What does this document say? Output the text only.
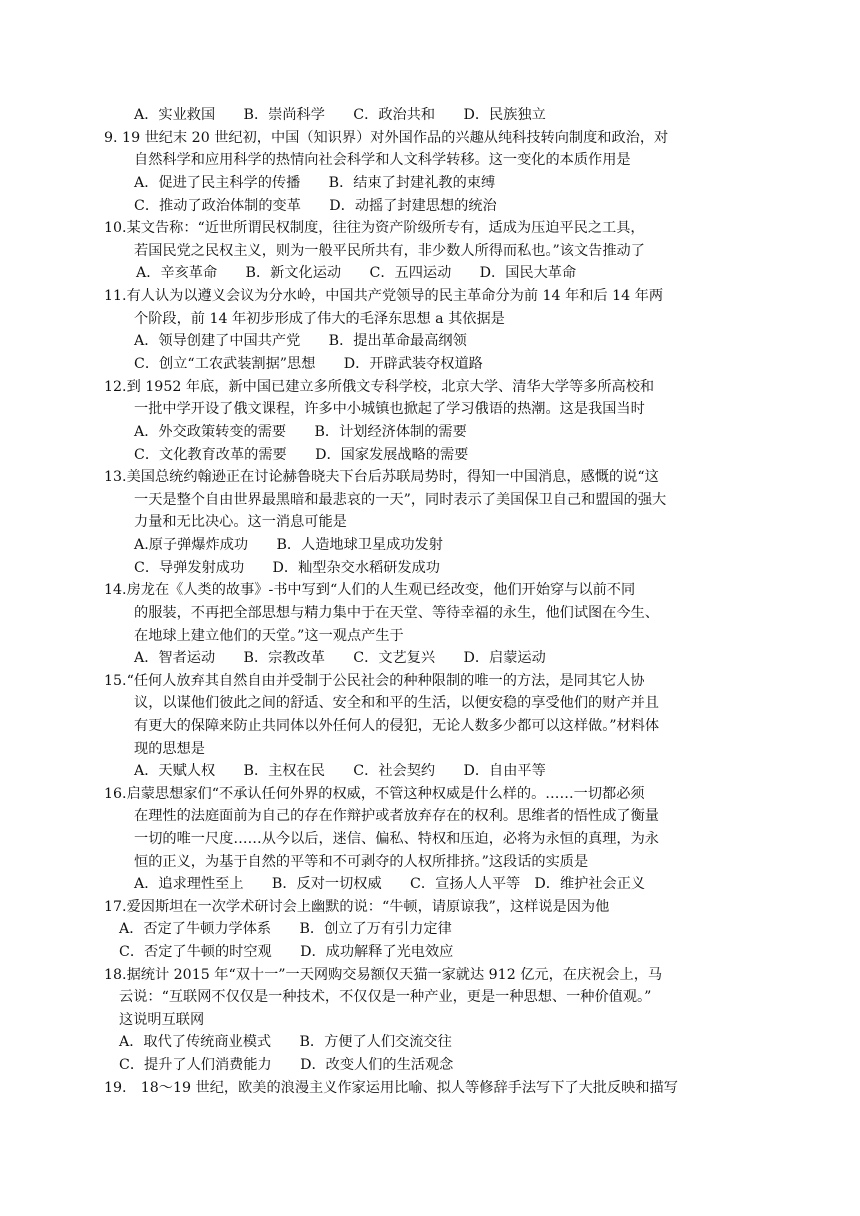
A．实业救国　　B．崇尚科学　　C．政治共和　　D．民族独立
9. 19 世纪末 20 世纪初，中国（知识界）对外国作品的兴趣从纯科技转向制度和政治，对
自然科学和应用科学的热情向社会科学和人文科学转移。这一变化的本质作用是
A．促进了民主科学的传播　　B．结束了封建礼教的束缚
C．推动了政治体制的变革　　D．动摇了封建思想的统治
10.某文告称：“近世所谓民权制度，往往为资产阶级所专有，适成为压迫平民之工具，
若国民党之民权主义，则为一般平民所共有，非少数人所得而私也。”该文告推动了
A．辛亥革命　　B．新文化运动　　C．五四运动　　D．国民大革命
11.有人认为以遵义会议为分水岭，中国共产党领导的民主革命分为前 14 年和后 14 年两
个阶段，前 14 年初步形成了伟大的毛泽东思想 a 其依据是
A．领导创建了中国共产党　　B．提出革命最高纲领
C．创立“工农武装割据”思想　　D．开辟武装夺权道路
12.到 1952 年底，新中国已建立多所俄文专科学校，北京大学、清华大学等多所高校和
一批中学开设了俄文课程，许多中小城镇也掀起了学习俄语的热潮。这是我国当时
A．外交政策转变的需要　　B．计划经济体制的需要
C．文化教育改革的需要　　D．国家发展战略的需要
13.美国总统约翰逊正在讨论赫鲁晓夫下台后苏联局势时，得知一中国消息，感慨的说“这
一天是整个自由世界最黑暗和最悲哀的一天”，同时表示了美国保卫自己和盟国的强大
力量和无比决心。这一消息可能是
A.原子弹爆炸成功　　B．人造地球卫星成功发射
C．导弹发射成功　　D．籼型杂交水稻研发成功
14.房龙在《人类的故事》-书中写到“人们的人生观已经改变，他们开始穿与以前不同
的服装，不再把全部思想与精力集中于在天堂、等待幸福的永生，他们试图在今生、
在地球上建立他们的天堂。”这一观点产生于
A．智者运动　　B．宗教改革　　C．文艺复兴　　D．启蒙运动
15.“任何人放弃其自然自由并受制于公民社会的种种限制的唯一的方法，是同其它人协
议，以谋他们彼此之间的舒适、安全和和平的生活，以便安稳的享受他们的财产并且
有更大的保障来防止共同体以外任何人的侵犯，无论人数多少都可以这样做。”材料体
现的思想是
A．天赋人权　　B．主权在民　　C．社会契约　　D．自由平等
16.启蒙思想家们“不承认任何外界的权威，不管这种权威是什么样的。……一切都必须
在理性的法庭面前为自己的存在作辩护或者放弃存在的权利。思维者的悟性成了衡量
一切的唯一尺度……从今以后，迷信、偏私、特权和压迫，必将为永恒的真理，为永
恒的正义，为基于自然的平等和不可剥夺的人权所排挤。”这段话的实质是
A．追求理性至上　　B．反对一切权威　　C．宣扬人人平等　D．维护社会正义
17.爱因斯坦在一次学术研讨会上幽默的说：“牛顿，请原谅我”，这样说是因为他
A．否定了牛顿力学体系　　B．创立了万有引力定律
C．否定了牛顿的时空观　　D．成功解释了光电效应
18.据统计 2015 年“双十一”一天网购交易额仅天猫一家就达 912 亿元，在庆祝会上，马
云说：“互联网不仅仅是一种技术，不仅仅是一种产业，更是一种思想、一种价值观。”
这说明互联网
A．取代了传统商业模式　　B．方便了人们交流交往
C．提升了人们消费能力　　D．改变人们的生活观念
19.　18～19 世纪，欧美的浪漫主义作家运用比喻、拟人等修辞手法写下了大批反映和描写
